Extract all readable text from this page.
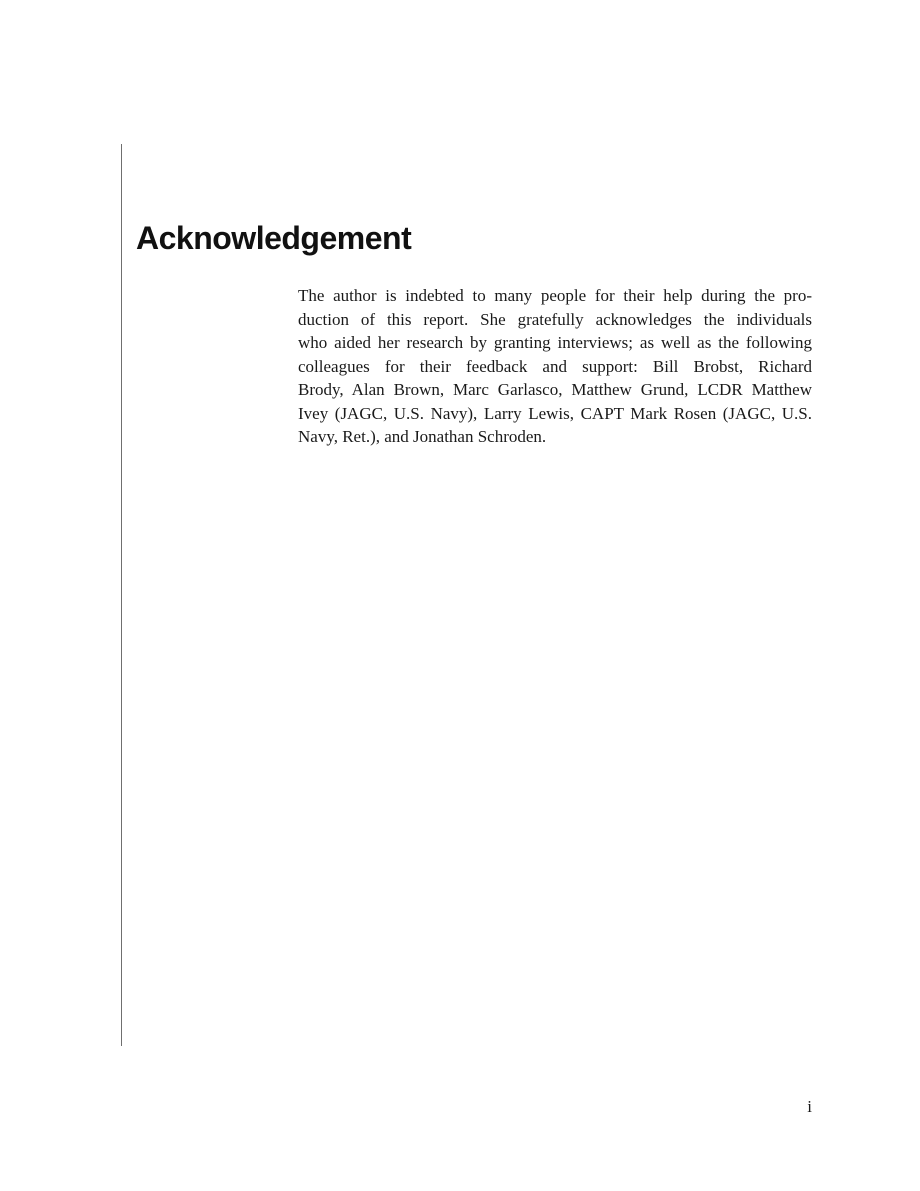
Acknowledgement

The author is indebted to many people for their help during the pro-
duction of this report. She gratefully acknowledges the individuals
who aided her research by granting interviews; as well as the following
colleagues for their feedback and support: Bill Brobst, Richard
Brody, Alan Brown, Marc Garlasco, Matthew Grund, LCDR Matthew
Ivey (JAGC, U.S. Navy), Larry Lewis, CAPT Mark Rosen (JAGC, U.S.
Navy, Ret.), and Jonathan Schroden.

i
